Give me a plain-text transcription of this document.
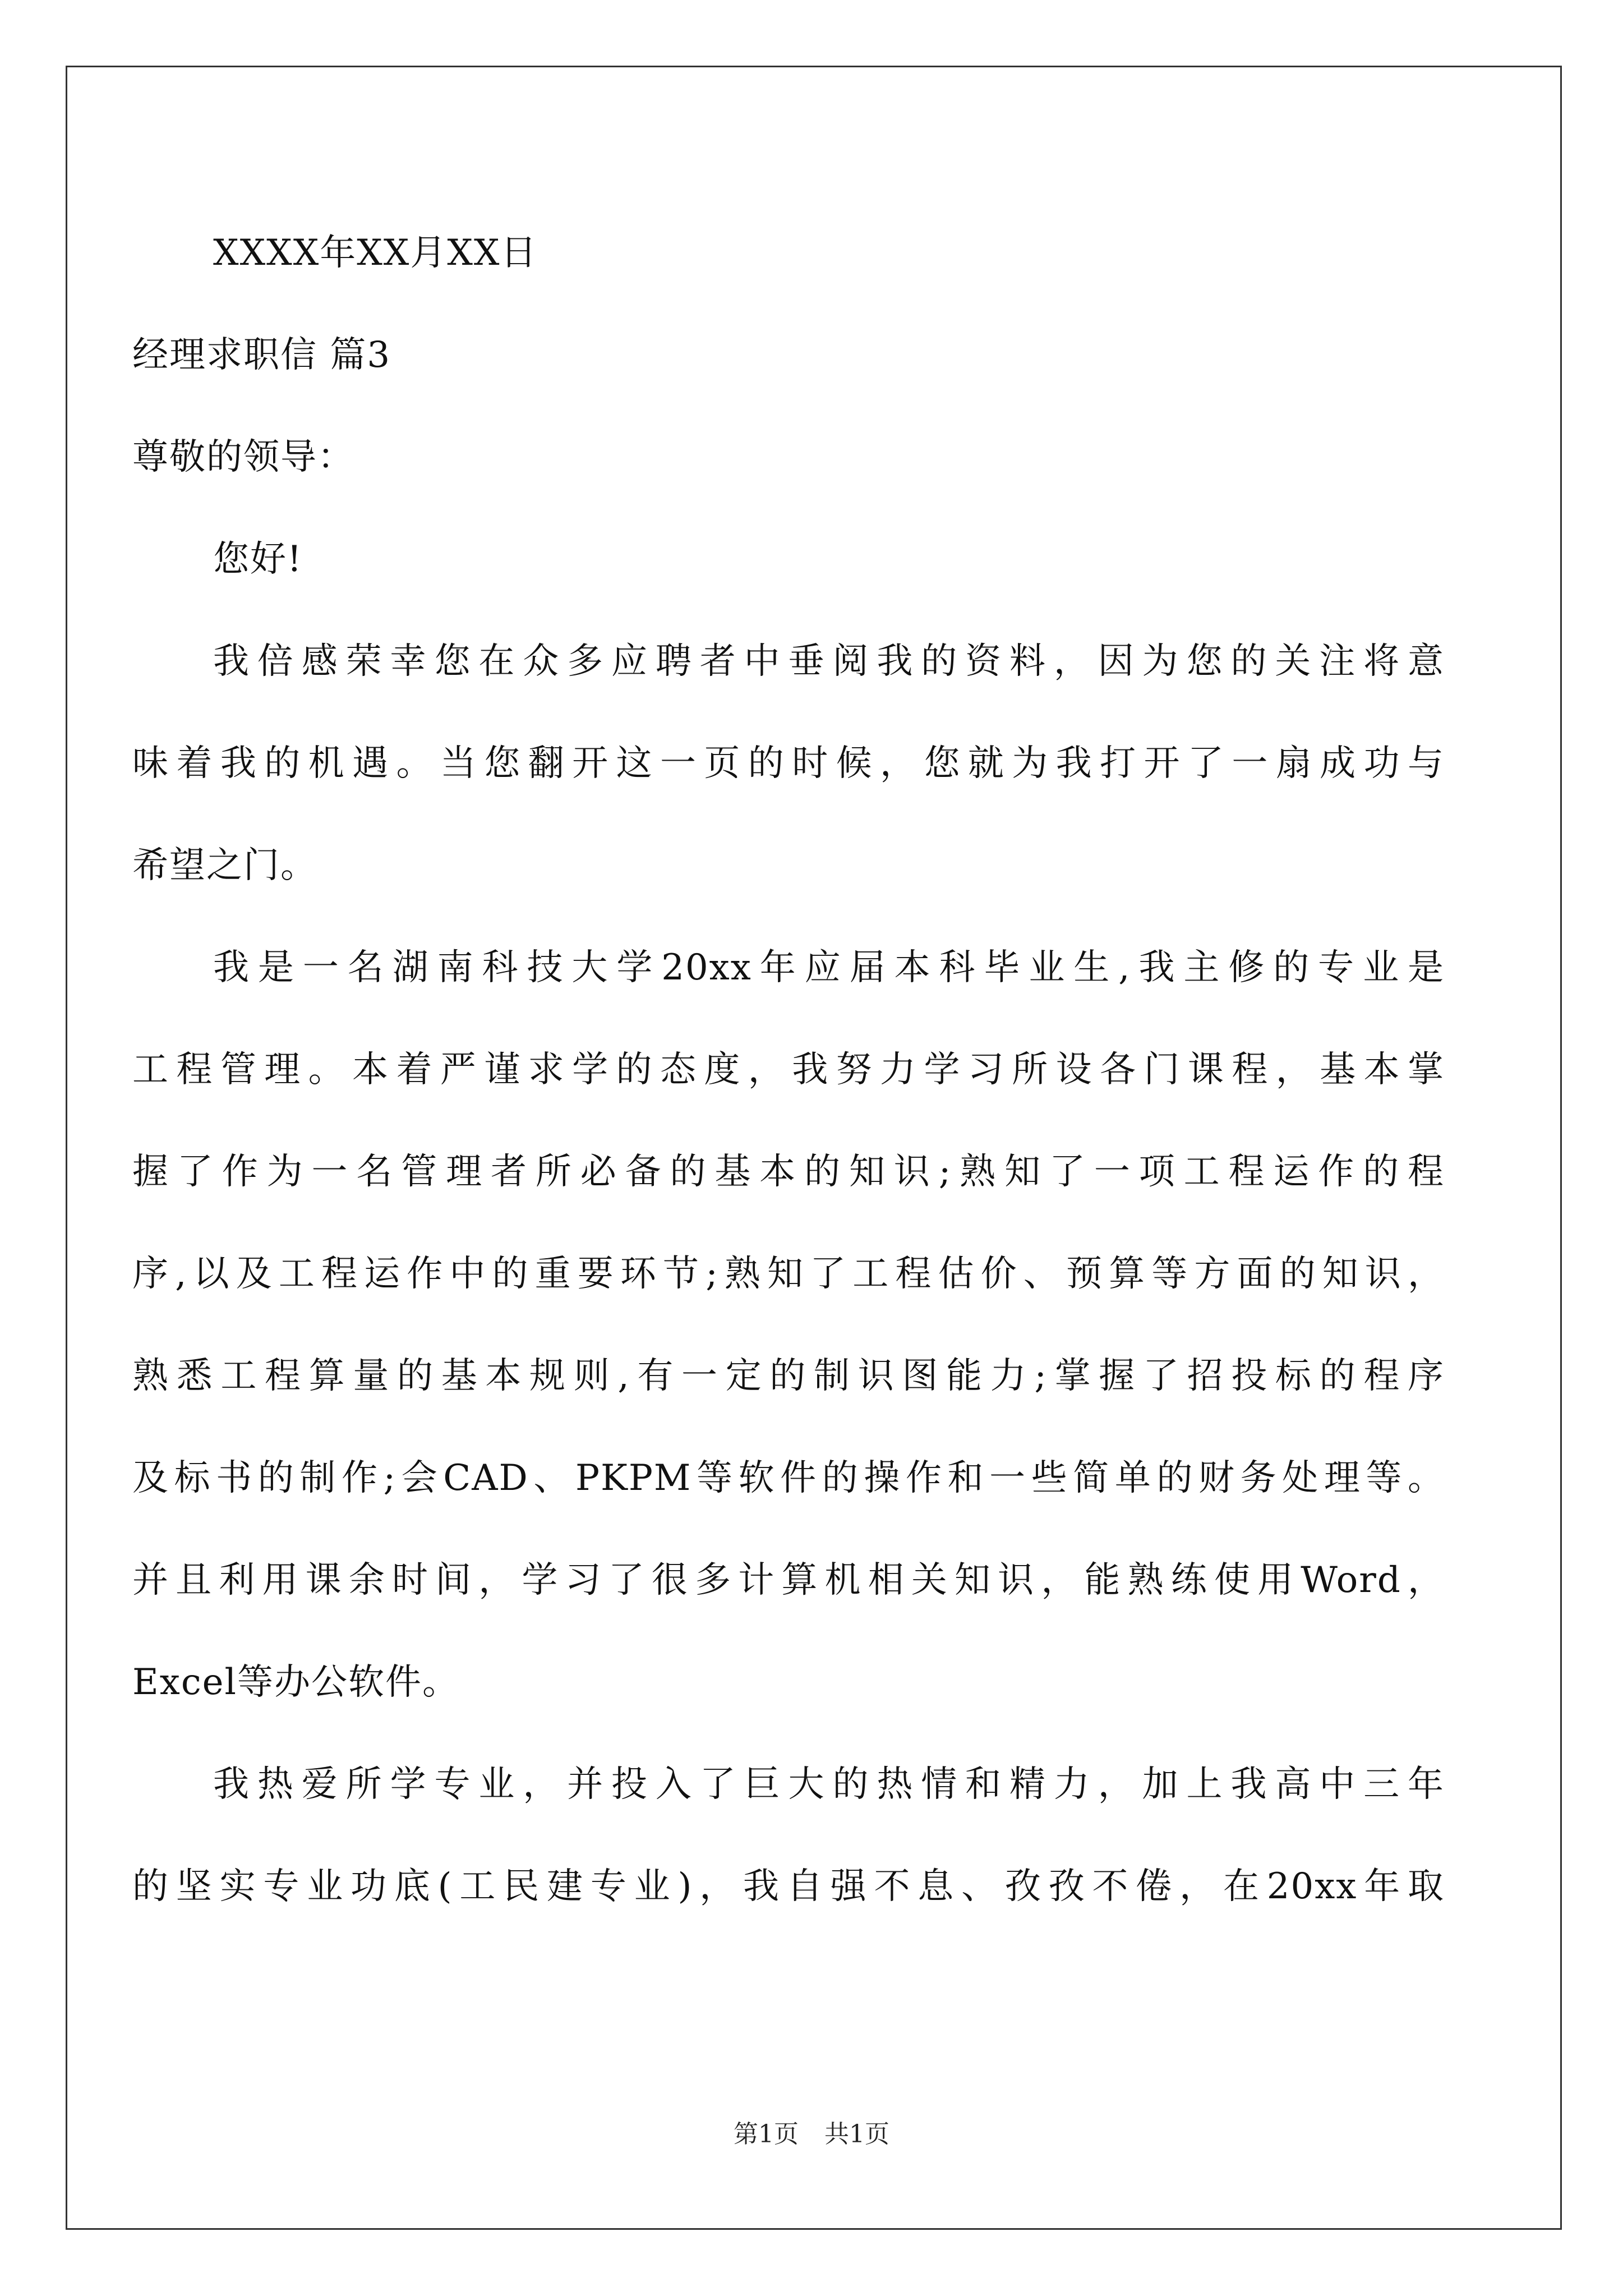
XXXX年XX月XX日
经理求职信 篇3
尊敬的领导：
您好!
我倍感荣幸您在众多应聘者中垂阅我的资料，因为您的关注将意
味着我的机遇。当您翻开这一页的时候，您就为我打开了一扇成功与
希望之门。
我是一名湖南科技大学20xx年应届本科毕业生,我主修的专业是
工程管理。本着严谨求学的态度，我努力学习所设各门课程，基本掌
握了作为一名管理者所必备的基本的知识;熟知了一项工程运作的程
序,以及工程运作中的重要环节;熟知了工程估价、预算等方面的知识，
熟悉工程算量的基本规则,有一定的制识图能力;掌握了招投标的程序
及标书的制作;会CAD、PKPM等软件的操作和一些简单的财务处理等。
并且利用课余时间，学习了很多计算机相关知识，能熟练使用Word，
Excel等办公软件。
我热爱所学专业，并投入了巨大的热情和精力，加上我高中三年
的坚实专业功底(工民建专业)，我自强不息、孜孜不倦，在20xx年取
第1页 共1页
